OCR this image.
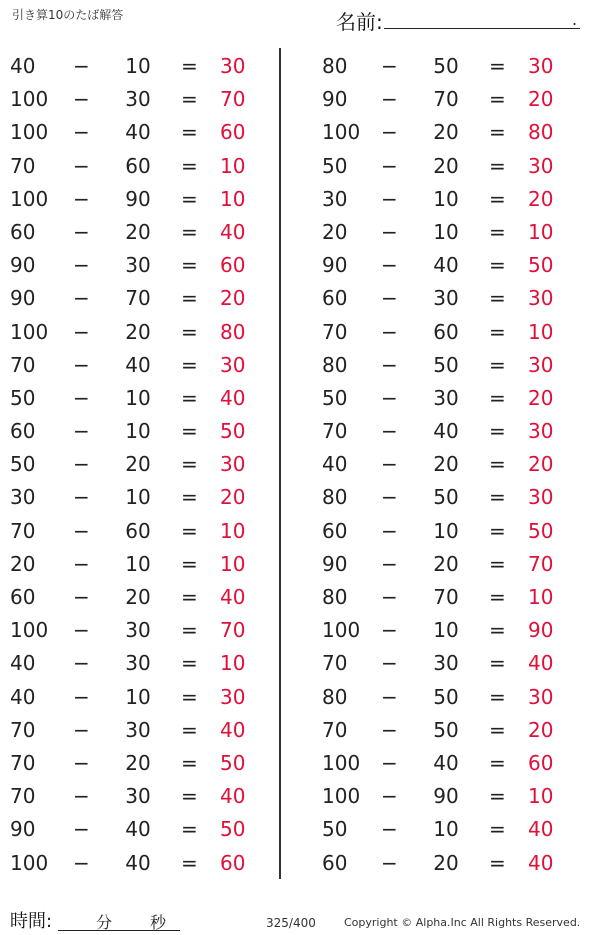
引き算10のたば解答	名前:	.
40	−	10	= 30
100	−	30	= 70
100	−	40	= 60
70	−	60	= 10
100	−	90	= 10
60	−	20	= 40
90	−	30	= 60
90	−	70	= 20
100	−	20	= 80
70	−	40	= 30
50	−	10	= 40
60	−	10	= 50
50	−	20	= 30
30	−	10	= 20
70	−	60	= 10
20	−	10	= 10
60	−	20	= 40
100	−	30	= 70
40	−	30	= 10
40	−	10	= 30
70	−	30	= 40
70	−	20	= 50
70	−	30	= 40
90	−	40	= 50
100	−	40	= 60
80	−	50	= 30
90	−	70	= 20
100	−	20	= 80
50	−	20	= 30
30	−	10	= 20
20	−	10	= 10
90	−	40	= 50
60	−	30	= 30
70	−	60	= 10
80	−	50	= 30
50	−	30	= 20
70	−	40	= 30
40	−	20	= 20
80	−	50	= 30
60	−	10	= 50
90	−	20	= 70
80	−	70	= 10
100	−	10	= 90
70	−	30	= 40
80	−	50	= 30
70	−	50	= 20
100	−	40	= 60
100	−	90	= 10
50	−	10	= 40
60	−	20	= 40
時間:	分 秒	325/400	Copyright © Alpha.Inc All Rights Reserved.
